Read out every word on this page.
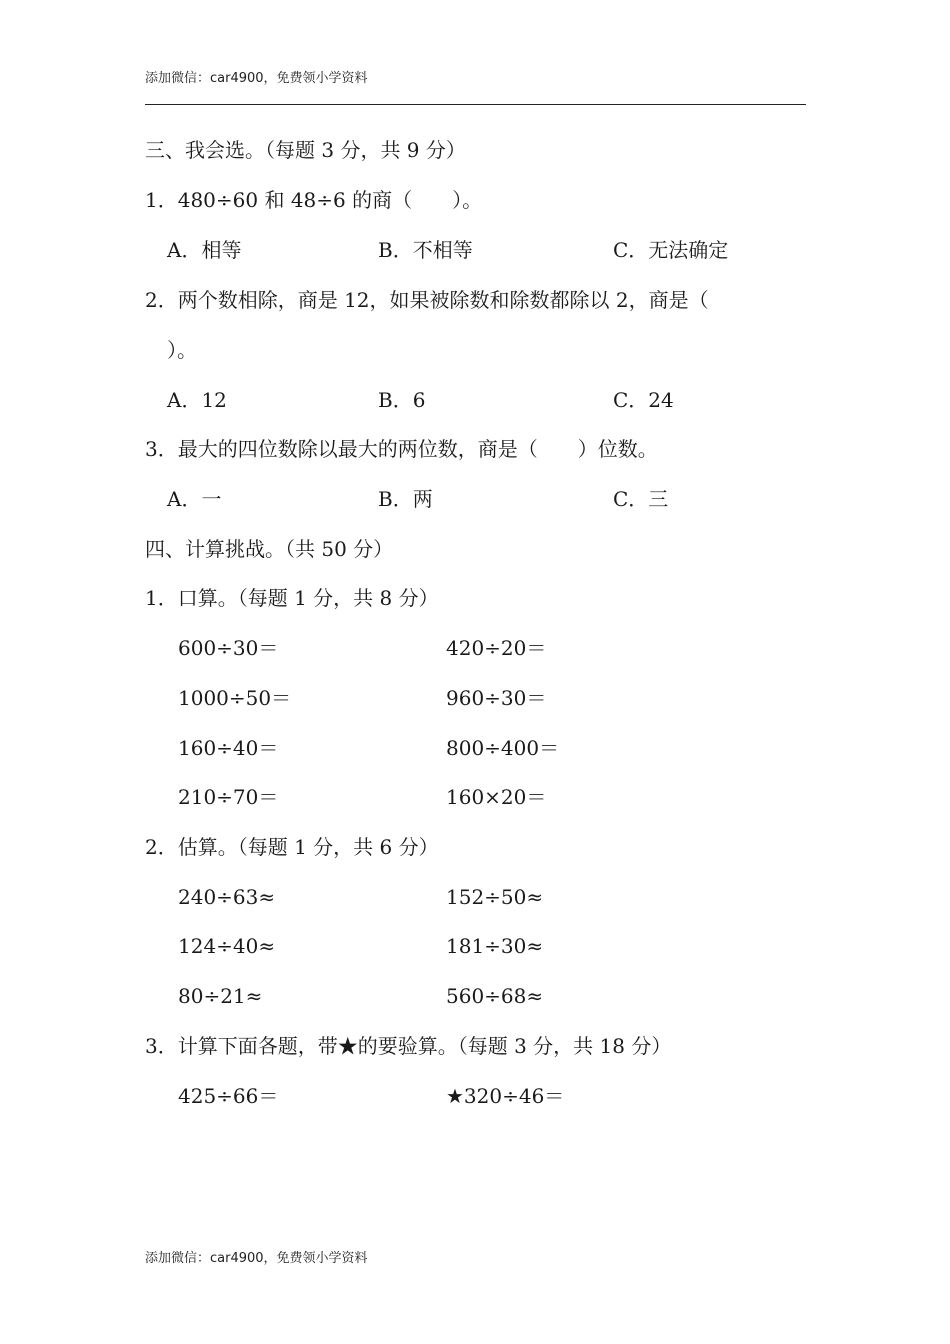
添加微信：car4900，免费领小学资料
三、我会选。（每题 3 分，共 9 分）
1．480÷60 和 48÷6 的商（　　）。
A．相等	B．不相等	C．无法确定
2．两个数相除，商是 12，如果被除数和除数都除以 2，商是（
）。
A．12	B．6	C．24
3．最大的四位数除以最大的两位数，商是（　　）位数。
A．一	B．两	C．三
四、计算挑战。（共 50 分）
1．口算。（每题 1 分，共 8 分）
600÷30＝	420÷20＝
1000÷50＝	960÷30＝
160÷40＝	800÷400＝
210÷70＝	160×20＝
2．估算。（每题 1 分，共 6 分）
240÷63≈	152÷50≈
124÷40≈	181÷30≈
80÷21≈	560÷68≈
3．计算下面各题，带★的要验算。（每题 3 分，共 18 分）
425÷66＝	★320÷46＝
添加微信：car4900，免费领小学资料
